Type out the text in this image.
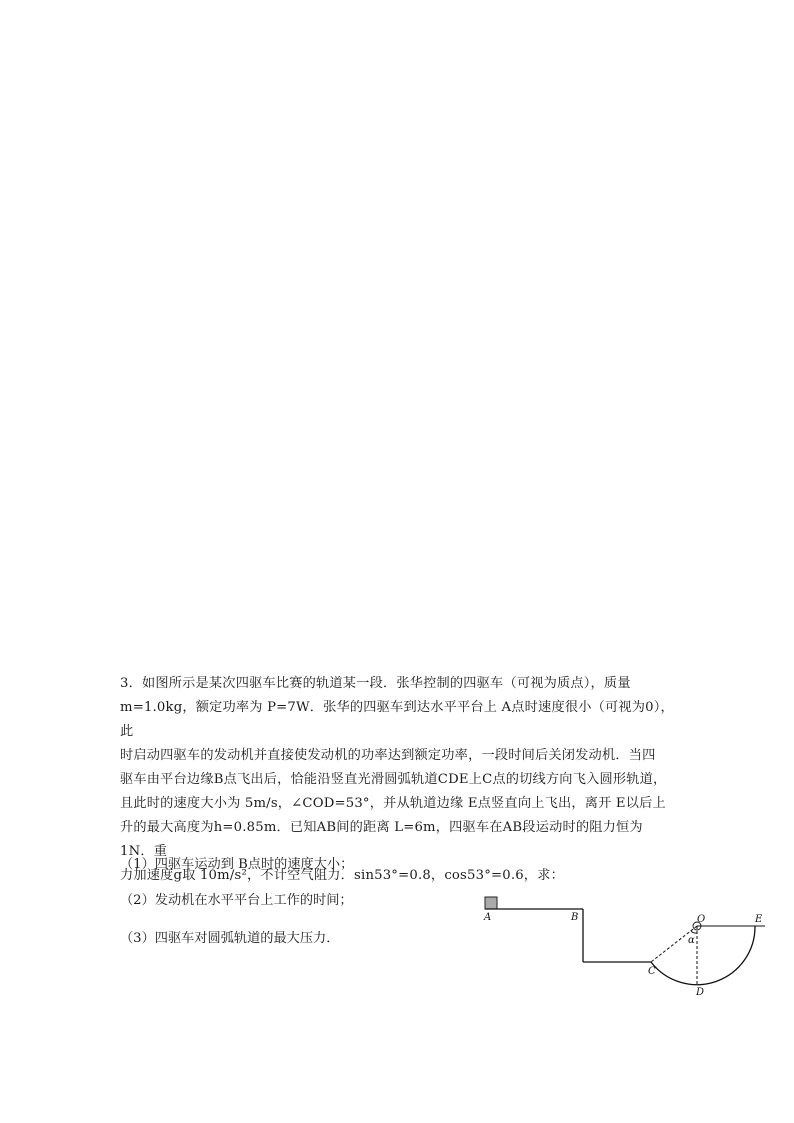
3．如图所示是某次四驱车比赛的轨道某一段．张华控制的四驱车（可视为质点），质量

m=1.0kg，额定功率为 P=7W．张华的四驱车到达水平平台上 A点时速度很小（可视为0），此

时启动四驱车的发动机并直接使发动机的功率达到额定功率，一段时间后关闭发动机．当四

驱车由平台边缘B点飞出后，恰能沿竖直光滑圆弧轨道CDE上C点的切线方向飞入圆形轨道，

且此时的速度大小为 5m/s，∠COD=53°，并从轨道边缘 E点竖直向上飞出，离开 E以后上

升的最大高度为h=0.85m．已知AB间的距离 L=6m，四驱车在AB段运动时的阻力恒为 1N．重

力加速度g取 10m/s²，不计空气阻力．sin53°=0.8，cos53°=0.6，求：

（1）四驱车运动到 B点时的速度大小；
（2）发动机在水平平台上工作的时间；
（3）四驱车对圆弧轨道的最大压力．
A	B
C
D
O	E
α
